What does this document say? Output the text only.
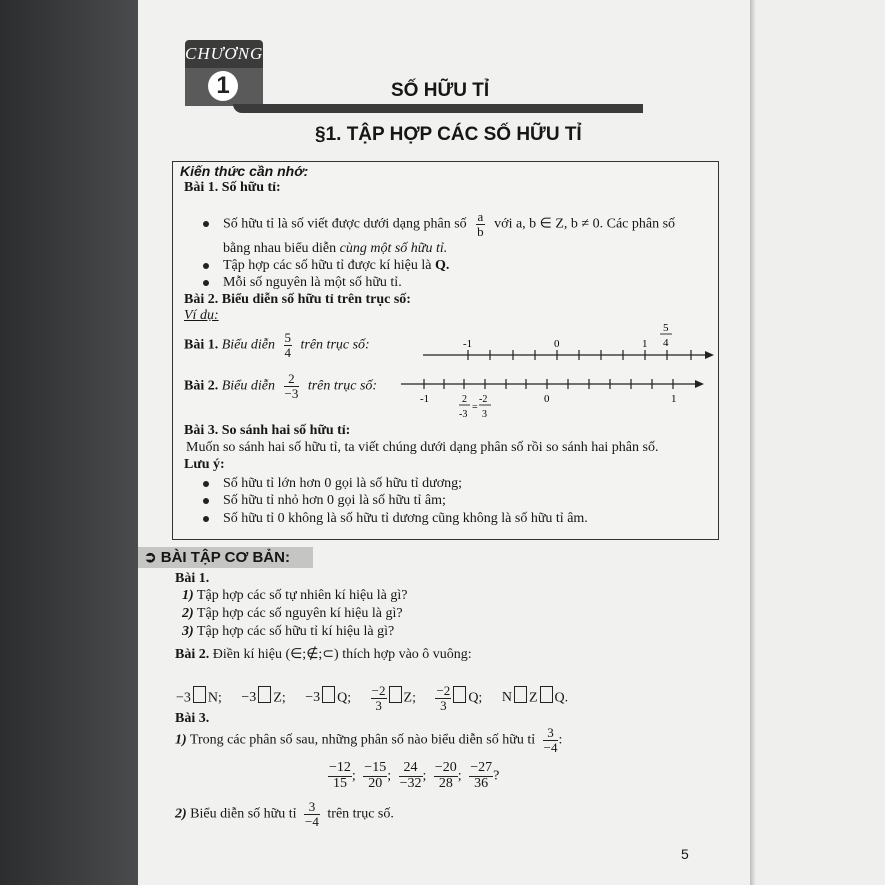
CHƯƠNG
1	SỐ HỮU TỈ
§1. TẬP HỢP CÁC SỐ HỮU TỈ
Kiến thức cần nhớ:
Bài 1. Số hữu tỉ:
Số hữu tỉ là số viết được dưới dạng phân số $\frac{a}{b}$ với a, b ∈ Z, b ≠ 0. Các phân số
bằng nhau biểu diễn cùng một số hữu tỉ.
Tập hợp các số hữu tỉ được kí hiệu là Q.
Mỗi số nguyên là một số hữu tỉ.
Bài 2. Biểu diễn số hữu tỉ trên trục số:
Ví dụ:
Bài 1. Biểu diễn $\frac{5}{4}$ trên trục số:	-1	0	1
5
4
Bài 2. Biểu diễn $\frac{2}{-3}$ trên trục số:
-1	0	1
2
-3
=
-2
3
Bài 3. So sánh hai số hữu tỉ:
Muốn so sánh hai số hữu tỉ, ta viết chúng dưới dạng phân số rồi so sánh hai phân số.
Lưu ý:
Số hữu tỉ lớn hơn 0 gọi là số hữu tỉ dương;
Số hữu tỉ nhỏ hơn 0 gọi là số hữu tỉ âm;
Số hữu tỉ 0 không là số hữu tỉ dương cũng không là số hữu tỉ âm.
➲ BÀI TẬP CƠ BẢN:
Bài 1.
1) Tập hợp các số tự nhiên kí hiệu là gì?
2) Tập hợp các số nguyên kí hiệu là gì?
3) Tập hợp các số hữu tỉ kí hiệu là gì?
Bài 2. Điền kí hiệu (∈;∉;⊂) thích hợp vào ô vuông:
−3 N; −3 Z; −3 Q; $\frac{-2}{3} Z$; $\frac{-2}{3} Q$; N Z Q.
Bài 3.
1) Trong các phân số sau, những phân số nào biểu diễn số hữu tỉ $\frac{3}{-4}$ :
$\frac{-12}{15}$ ; $\frac{-15}{20}$ ; $\frac{24}{-32}$ ; $\frac{-20}{28}$ ; $\frac{-27}{36}$ ?
2) Biểu diễn số hữu tỉ $\frac{3}{-4}$ trên trục số.
5
